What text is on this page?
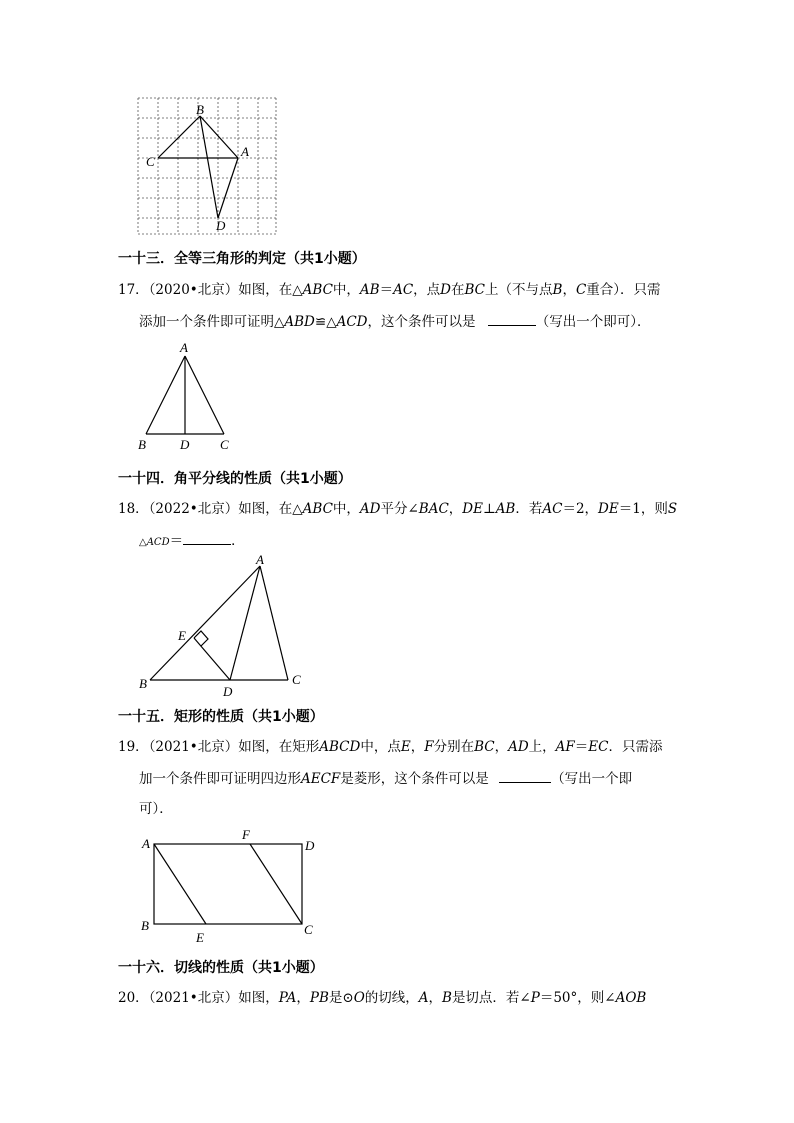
B
C
A
D
一十三．全等三角形的判定（共1小题）
17．（2020•北京）如图，在△ABC中，AB＝AC，点D在BC上（不与点B，C重合）．只需
添加一个条件即可证明△ABD≌△ACD，这个条件可以是	（写出一个即可）．
A
B	D C
一十四．角平分线的性质（共1小题）
18．（2022•北京）如图，在△ABC中，AD平分∠BAC，DE⊥AB．若AC＝2，DE＝1，则S
△ACD＝	．
A
E
B
D
C
一十五．矩形的性质（共1小题）
19．（2021•北京）如图，在矩形ABCD中，点E，F分别在BC，AD上，AF＝EC．只需添
加一个条件即可证明四边形AECF是菱形，这个条件可以是	（写出一个即
可）．
A
F
D
B
E
C
一十六．切线的性质（共1小题）
20．（2021•北京）如图，PA，PB是⊙O的切线，A，B是切点．若∠P＝50°，则∠AOB
